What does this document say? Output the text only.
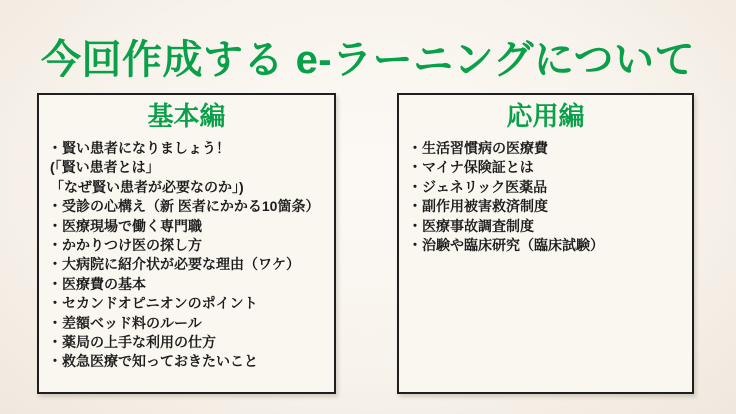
今回作成する e-ラーニングについて
基本編
・賢い患者になりましょう！
(「賢い患者とは」
「なぜ賢い患者が必要なのか」)
・受診の心構え（新 医者にかかる10箇条）
・医療現場で働く専門職
・かかりつけ医の探し方
・大病院に紹介状が必要な理由（ワケ）
・医療費の基本
・セカンドオピニオンのポイント
・差額ベッド料のルール
・薬局の上手な利用の仕方
・救急医療で知っておきたいこと
応用編
・生活習慣病の医療費
・マイナ保険証とは
・ジェネリック医薬品
・副作用被害救済制度
・医療事故調査制度
・治験や臨床研究（臨床試験）
